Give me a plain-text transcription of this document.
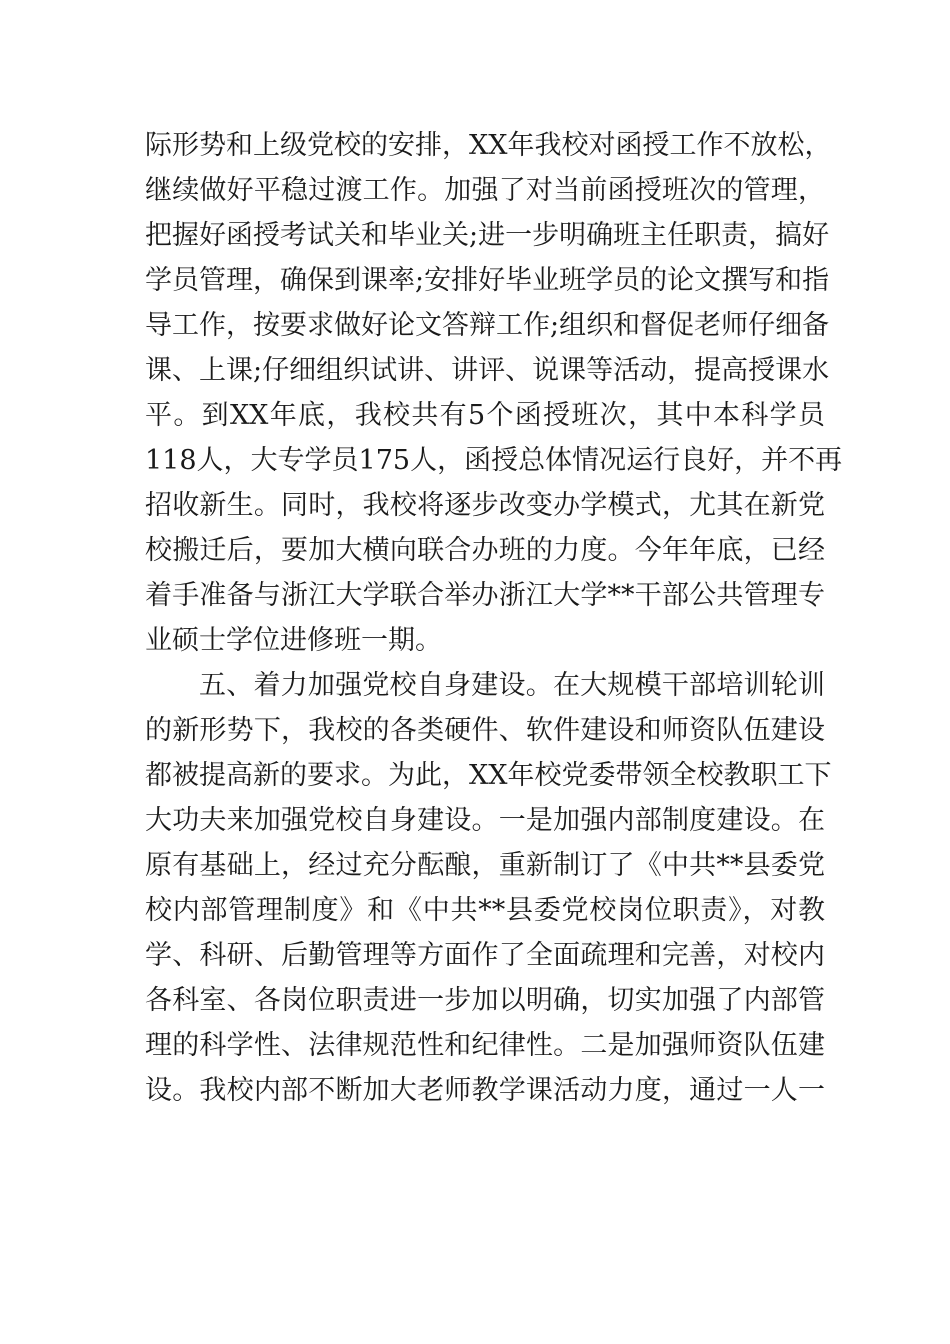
际形势和上级党校的安排，XX年我校对函授工作不放松，
继续做好平稳过渡工作。加强了对当前函授班次的管理，
把握好函授考试关和毕业关;进一步明确班主任职责，搞好
学员管理，确保到课率;安排好毕业班学员的论文撰写和指
导工作，按要求做好论文答辩工作;组织和督促老师仔细备
课、上课;仔细组织试讲、讲评、说课等活动，提高授课水
平。到XX年底，我校共有5个函授班次，其中本科学员
118人，大专学员175人，函授总体情况运行良好，并不再
招收新生。同时，我校将逐步改变办学模式，尤其在新党
校搬迁后，要加大横向联合办班的力度。今年年底，已经
着手准备与浙江大学联合举办浙江大学**干部公共管理专
业硕士学位进修班一期。
五、着力加强党校自身建设。在大规模干部培训轮训
的新形势下，我校的各类硬件、软件建设和师资队伍建设
都被提高新的要求。为此，XX年校党委带领全校教职工下
大功夫来加强党校自身建设。一是加强内部制度建设。在
原有基础上，经过充分酝酿，重新制订了《中共**县委党
校内部管理制度》和《中共**县委党校岗位职责》，对教
学、科研、后勤管理等方面作了全面疏理和完善，对校内
各科室、各岗位职责进一步加以明确，切实加强了内部管
理的科学性、法律规范性和纪律性。二是加强师资队伍建
设。我校内部不断加大老师教学课活动力度，通过一人一
